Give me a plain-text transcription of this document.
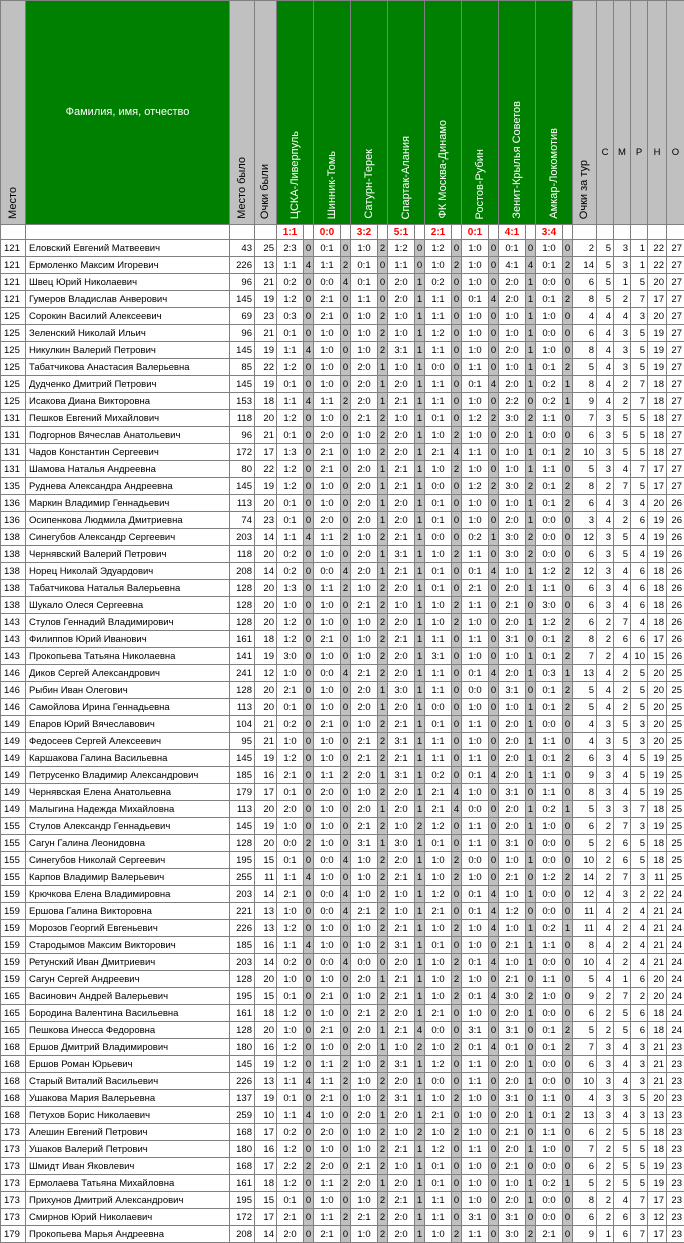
Место	Фамилия, имя, отчество	Место было	Очки были	ЦСКА-Ливерпуль		Шинник-Томь		Сатурн-Терек		Спартак-Алания		ФК Москва-Динамо		Ростов-Рубин		Зенит-Крылья Советов		Амкар-Локомотив		Очки за тур	С	М	Р	Н	О
				1:1		0:0		3:2		5:1		2:1		0:1		4:1		3:4							
121	Еловский Евгений Матвеевич	43	25	2:3	0	0:1	0	1:0	2	1:2	0	1:2	0	1:0	0	0:1	0	1:0	0	2	5	3	1	22	27
121	Ермоленко Максим Игоревич	226	13	1:1	4	1:1	2	0:1	0	1:1	0	1:0	2	1:0	0	4:1	4	0:1	2	14	5	3	1	22	27
121	Швец Юрий Николаевич	96	21	0:2	0	0:0	4	0:1	0	2:0	1	0:2	0	1:0	0	2:0	1	0:0	0	6	5	1	5	20	27
121	Гумеров Владислав Анверович	145	19	1:2	0	2:1	0	1:1	0	2:0	1	1:1	0	0:1	4	2:0	1	0:1	2	8	5	2	7	17	27
125	Сорокин Василий Алексеевич	69	23	0:3	0	2:1	0	1:0	2	1:0	1	1:1	0	1:0	0	1:0	1	1:0	0	4	4	4	3	20	27
125	Зеленский Николай Ильич	96	21	0:1	0	1:0	0	1:0	2	1:0	1	1:2	0	1:0	0	1:0	1	0:0	0	6	4	3	5	19	27
125	Никулкин Валерий Петрович	145	19	1:1	4	1:0	0	1:0	2	3:1	1	1:1	0	1:0	0	2:0	1	1:0	0	8	4	3	5	19	27
125	Табатчикова Анастасия Валерьевна	85	22	1:2	0	1:0	0	2:0	1	1:0	1	0:0	0	1:1	0	1:0	1	0:1	2	5	4	3	5	19	27
125	Дудченко Дмитрий Петрович	145	19	0:1	0	1:0	0	2:0	1	2:0	1	1:1	0	0:1	4	2:0	1	0:2	1	8	4	2	7	18	27
125	Исакова Диана Викторовна	153	18	1:1	4	1:1	2	2:0	1	2:1	1	1:1	0	1:0	0	2:2	0	0:2	1	9	4	2	7	18	27
131	Пешков Евгений Михайлович	118	20	1:2	0	1:0	0	2:1	2	1:0	1	0:1	0	1:2	2	3:0	2	1:1	0	7	3	5	5	18	27
131	Подгорнов Вячеслав Анатольевич	96	21	0:1	0	2:0	0	1:0	2	2:0	1	1:0	2	1:0	0	2:0	1	0:0	0	6	3	5	5	18	27
131	Чадов Константин Сергеевич	172	17	1:3	0	2:1	0	1:0	2	2:0	1	2:1	4	1:1	0	1:0	1	0:1	2	10	3	5	5	18	27
131	Шамова Наталья Андреевна	80	22	1:2	0	2:1	0	2:0	1	2:1	1	1:0	2	1:0	0	1:0	1	1:1	0	5	3	4	7	17	27
135	Руднева Александра Андреевна	145	19	1:2	0	1:0	0	2:0	1	2:1	1	0:0	0	1:2	2	3:0	2	0:1	2	8	2	7	5	17	27
136	Маркин Владимир Геннадьевич	113	20	0:1	0	1:0	0	2:0	1	2:0	1	0:1	0	1:0	0	1:0	1	0:1	2	6	4	3	4	20	26
136	Осипенкова Людмила Дмитриевна	74	23	0:1	0	2:0	0	2:0	1	2:0	1	0:1	0	1:0	0	2:0	1	0:0	0	3	4	2	6	19	26
138	Синегубов Александр Сергеевич	203	14	1:1	4	1:1	2	1:0	2	2:1	1	0:0	0	0:2	1	3:0	2	0:0	0	12	3	5	4	19	26
138	Чернявский Валерий Петрович	118	20	0:2	0	1:0	0	2:0	1	3:1	1	1:0	2	1:1	0	3:0	2	0:0	0	6	3	5	4	19	26
138	Норец Николай Эдуардович	208	14	0:2	0	0:0	4	2:0	1	2:1	1	0:1	0	0:1	4	1:0	1	1:2	2	12	3	4	6	18	26
138	Табатчикова Наталья Валерьевна	128	20	1:3	0	1:1	2	1:0	2	2:0	1	0:1	0	2:1	0	2:0	1	1:1	0	6	3	4	6	18	26
138	Шукало Олеся Сергеевна	128	20	1:0	0	1:0	0	2:1	2	1:0	1	1:0	2	1:1	0	2:1	0	3:0	0	6	3	4	6	18	26
143	Стулов Геннадий Владимирович	128	20	1:2	0	1:0	0	1:0	2	2:0	1	1:0	2	1:0	0	2:0	1	1:2	2	6	2	7	4	18	26
143	Филиппов Юрий Иванович	161	18	1:2	0	2:1	0	1:0	2	2:1	1	1:1	0	1:1	0	3:1	0	0:1	2	8	2	6	6	17	26
143	Прокопьева Татьяна Николаевна	141	19	3:0	0	1:0	0	1:0	2	2:0	1	3:1	0	1:0	0	1:0	1	0:1	2	7	2	4	10	15	26
146	Диков Сергей Александрович	241	12	1:0	0	0:0	4	2:1	2	2:0	1	1:1	0	0:1	4	2:0	1	0:3	1	13	4	2	5	20	25
146	Рыбин Иван Олегович	128	20	2:1	0	1:0	0	2:0	1	3:0	1	1:1	0	0:0	0	3:1	0	0:1	2	5	4	2	5	20	25
146	Самойлова Ирина Геннадьевна	113	20	0:1	0	1:0	0	2:0	1	2:0	1	0:0	0	1:0	0	1:0	1	0:1	2	5	4	2	5	20	25
149	Епаров Юрий Вячеславович	104	21	0:2	0	2:1	0	1:0	2	2:1	1	0:1	0	1:1	0	2:0	1	0:0	0	4	3	5	3	20	25
149	Федосеев Сергей Алексеевич	95	21	1:0	0	1:0	0	2:1	2	3:1	1	1:1	0	1:0	0	2:0	1	1:1	0	4	3	5	3	20	25
149	Каршакова Галина Васильевна	145	19	1:2	0	1:0	0	2:1	2	2:1	1	1:1	0	1:1	0	2:0	1	0:1	2	6	3	4	5	19	25
149	Петрусенко Владимир Александрович	185	16	2:1	0	1:1	2	2:0	1	3:1	1	0:2	0	0:1	4	2:0	1	1:1	0	9	3	4	5	19	25
149	Чернявская Елена Анатольевна	179	17	0:1	0	2:0	0	1:0	2	2:0	1	2:1	4	1:0	0	3:1	0	1:1	0	8	3	4	5	19	25
149	Малыгина Надежда Михайловна	113	20	2:0	0	1:0	0	2:0	1	2:0	1	2:1	4	0:0	0	2:0	1	0:2	1	5	3	3	7	18	25
155	Стулов Александр Геннадьевич	145	19	1:0	0	1:0	0	2:1	2	1:0	2	1:2	0	1:1	0	2:0	1	1:0	0	6	2	7	3	19	25
155	Сагун Галина Леонидовна	128	20	0:0	2	1:0	0	3:1	1	3:0	1	0:1	0	1:1	0	3:1	0	0:0	0	5	2	6	5	18	25
155	Синегубов Николай Сергеевич	195	15	0:1	0	0:0	4	1:0	2	2:0	1	1:0	2	0:0	0	1:0	1	0:0	0	10	2	6	5	18	25
155	Карпов Владимир Валерьевич	255	11	1:1	4	1:0	0	1:0	2	2:1	1	1:0	2	1:0	0	2:1	0	1:2	2	14	2	7	3	11	25
159	Крючкова Елена Владимировна	203	14	2:1	0	0:0	4	1:0	2	1:0	1	1:2	0	0:1	4	1:0	1	0:0	0	12	4	3	2	22	24
159	Ершова Галина Викторовна	221	13	1:0	0	0:0	4	2:1	2	1:0	1	2:1	0	0:1	4	1:2	0	0:0	0	11	4	2	4	21	24
159	Морозов Георгий Евгеньевич	226	13	1:2	0	1:0	0	1:0	2	2:1	1	1:0	2	1:0	4	1:0	1	0:2	1	11	4	2	4	21	24
159	Стародымов Максим Викторович	185	16	1:1	4	1:0	0	1:0	2	3:1	1	0:1	0	1:0	0	2:1	1	1:1	0	8	4	2	4	21	24
159	Ретунский Иван Дмитриевич	203	14	0:2	0	0:0	4	0:0	0	2:0	1	1:0	2	0:1	4	1:0	1	0:0	0	10	4	2	4	21	24
159	Сагун Сергей Андреевич	128	20	1:0	0	1:0	0	2:0	1	2:1	1	1:0	2	1:0	0	2:1	0	1:1	0	5	4	1	6	20	24
165	Васинович Андрей Валерьевич	195	15	0:1	0	2:1	0	1:0	2	2:1	1	1:0	2	0:1	4	3:0	2	1:0	0	9	2	7	2	20	24
165	Бородина Валентина Васильевна	161	18	1:2	0	1:0	0	2:1	2	2:0	1	2:1	0	1:0	0	2:0	1	0:0	0	6	2	5	6	18	24
165	Пешкова Инесса Федоровна	128	20	1:0	0	2:1	0	2:0	1	2:1	4	0:0	0	3:1	0	3:1	0	0:1	2	5	2	5	6	18	24
168	Ершов Дмитрий Владимирович	180	16	1:2	0	1:0	0	2:0	1	1:0	2	1:0	2	0:1	4	0:1	0	0:1	2	7	3	4	3	21	23
168	Ершов Роман Юрьевич	145	19	1:2	0	1:1	2	1:0	2	3:1	1	1:2	0	1:1	0	2:0	1	0:0	0	6	3	4	3	21	23
168	Старый Виталий Васильевич	226	13	1:1	4	1:1	2	1:0	2	2:0	1	0:0	0	1:1	0	2:0	1	0:0	0	10	3	4	3	21	23
168	Ушакова Мария Валерьевна	137	19	0:1	0	2:1	0	1:0	2	3:1	1	1:0	2	1:0	0	3:1	0	1:1	0	4	3	3	5	20	23
168	Петухов Борис Николаевич	259	10	1:1	4	1:0	0	2:0	1	2:0	1	2:1	0	1:0	0	2:0	1	0:1	2	13	3	4	3	13	23
173	Алешин Евгений Петрович	168	17	0:2	0	2:0	0	1:0	2	1:0	2	1:0	2	1:0	0	2:1	0	1:1	0	6	2	5	5	18	23
173	Ушаков Валерий Петрович	180	16	1:2	0	1:0	0	1:0	2	2:1	1	1:2	0	1:1	0	2:0	1	1:0	0	7	2	5	5	18	23
173	Шмидт Иван Яковлевич	168	17	2:2	2	2:0	0	2:1	2	1:0	1	0:1	0	1:0	0	2:1	0	0:0	0	6	2	5	5	19	23
173	Ермолаева Татьяна Михайловна	161	18	1:2	0	1:1	2	2:0	1	2:0	1	0:1	0	1:0	0	1:0	1	0:2	1	5	2	5	5	19	23
173	Прихунов Дмитрий Александрович	195	15	0:1	0	1:0	0	1:0	2	2:1	1	1:1	0	1:0	0	2:0	1	0:0	0	8	2	4	7	17	23
173	Смирнов Юрий Николаевич	172	17	2:1	0	1:1	2	2:1	2	2:0	1	1:1	0	3:1	0	3:1	0	0:0	0	6	2	6	3	12	23
179	Прокопьева Марья Андреевна	208	14	2:0	0	2:1	0	1:0	2	2:0	1	1:0	2	1:1	0	3:0	2	2:1	0	9	1	6	7	17	23
